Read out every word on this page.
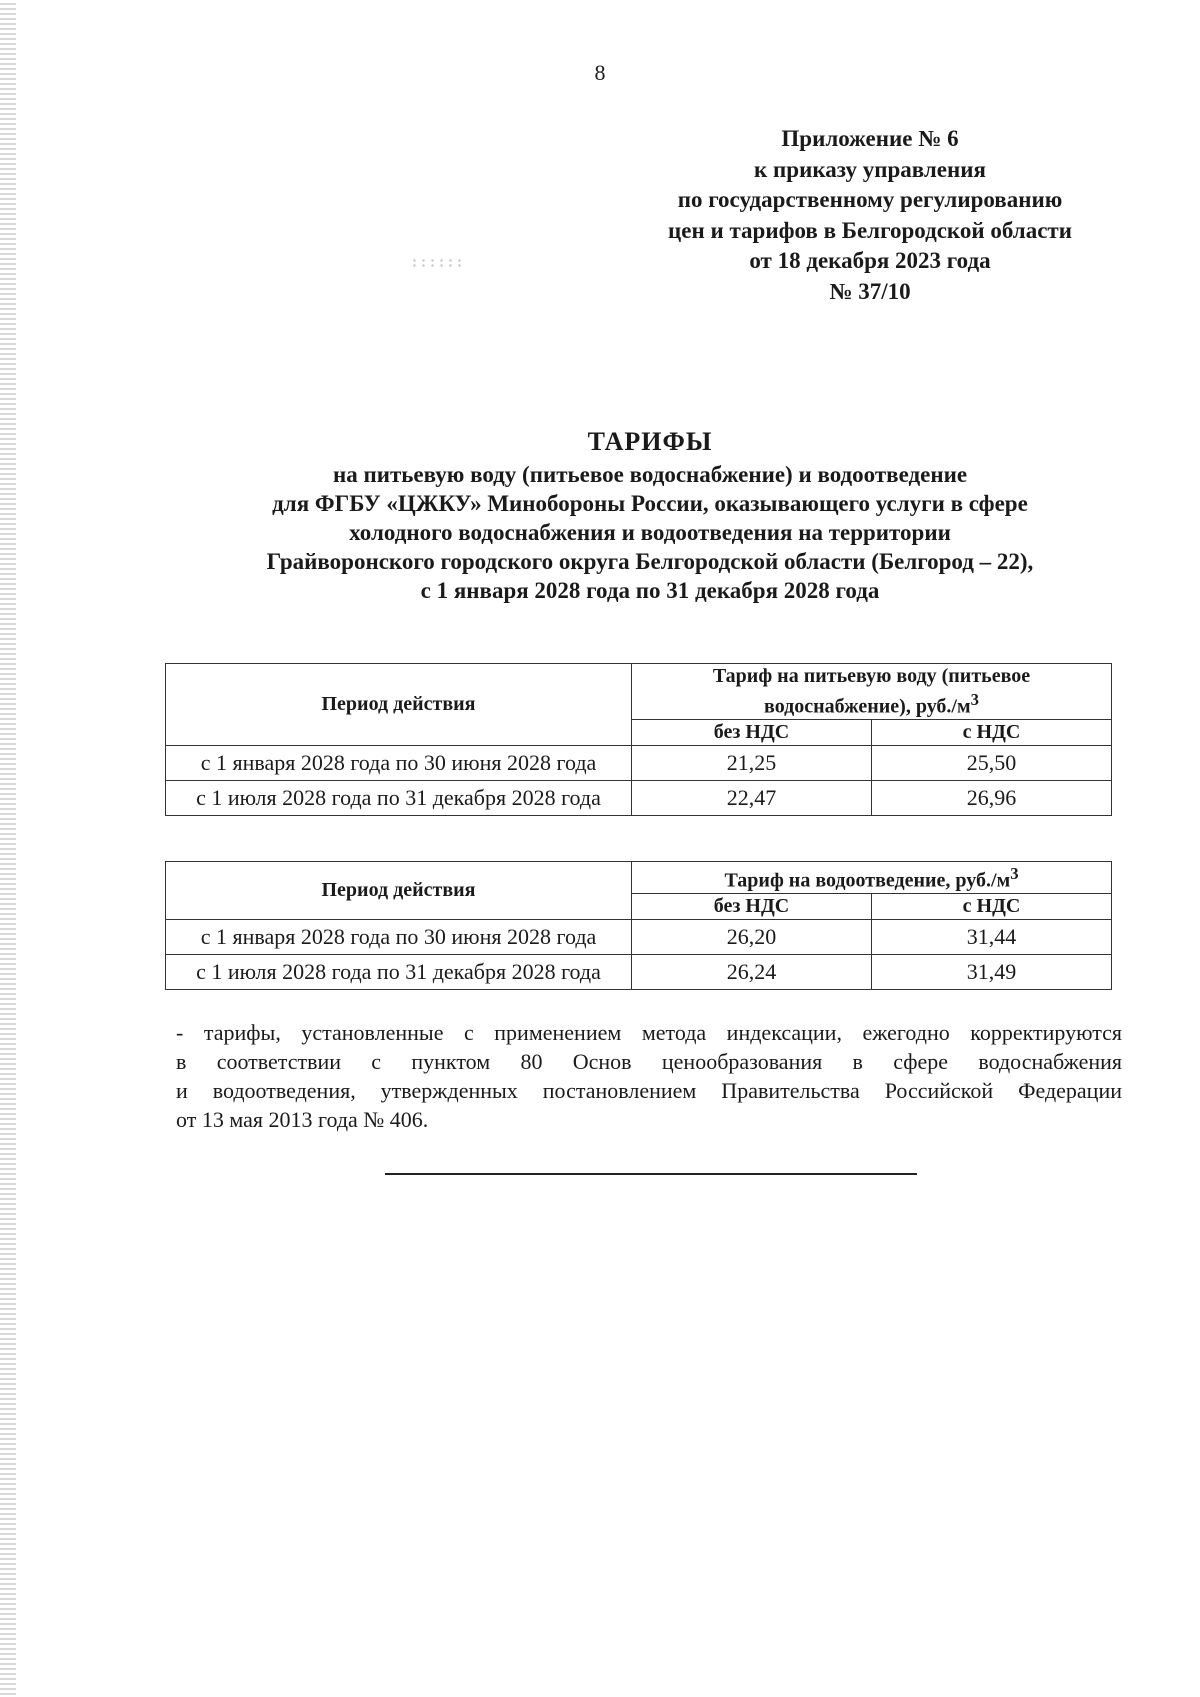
8
Приложение № 6
к приказу управления
по государственному регулированию
цен и тарифов в Белгородской области
от 18 декабря 2023 года
№ 37/10
ТАРИФЫ
на питьевую воду (питьевое водоснабжение) и водоотведение
для ФГБУ «ЦЖКУ» Минобороны России, оказывающего услуги в сфере
холодного водоснабжения и водоотведения на территории
Грайворонского городского округа Белгородской области (Белгород – 22),
с 1 января 2028 года по 31 декабря 2028 года
Период действия	Тариф на питьевую воду (питьевое водоснабжение), $руб./м^3$
	без НДС	с НДС
с 1 января 2028 года по 30 июня 2028 года	21,25	25,50
с 1 июля 2028 года по 31 декабря 2028 года	22,47	26,96
Период действия	Тариф на водоотведение, $руб./м^3$
	без НДС	с НДС
с 1 января 2028 года по 30 июня 2028 года	26,20	31,44
с 1 июля 2028 года по 31 декабря 2028 года	26,24	31,49
- тарифы, установленные с применением метода индексации, ежегодно корректируются
в соответствии с пунктом 80 Основ ценообразования в сфере водоснабжения
и водоотведения, утвержденных постановлением Правительства Российской Федерации
от 13 мая 2013 года № 406.
